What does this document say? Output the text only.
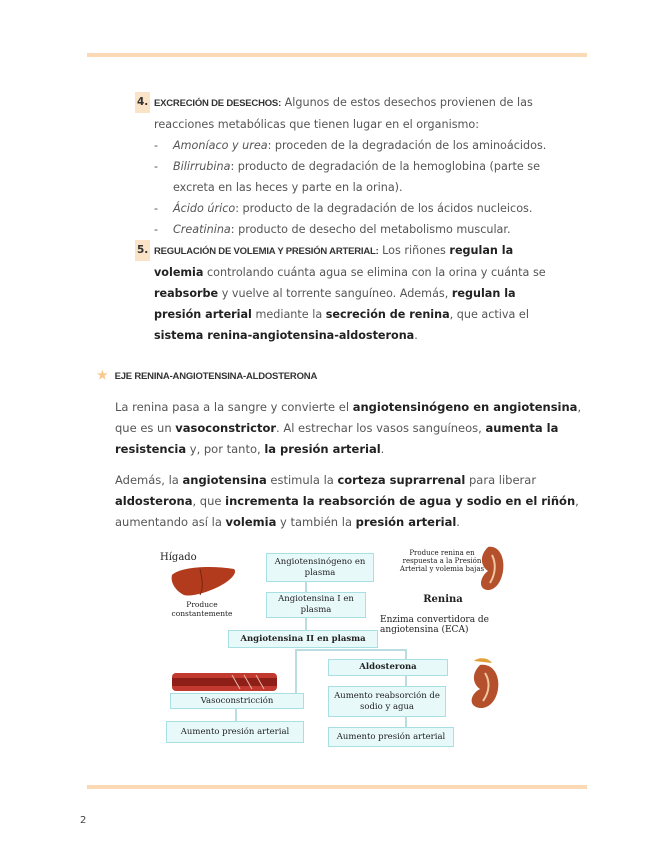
4. EXCRECIÓN DE DESECHOS: Algunos de estos desechos provienen de las reacciones metabólicas que tienen lugar en el organismo:
- Amoníaco y urea: proceden de la degradación de los aminoácidos.
- Bilirrubina: producto de degradación de la hemoglobina (parte se excreta en las heces y parte en la orina).
- Ácido úrico: producto de la degradación de los ácidos nucleicos.
- Creatinina: producto de desecho del metabolismo muscular.
5. REGULACIÓN DE VOLEMIA Y PRESIÓN ARTERIAL: Los riñones regulan la volemia controlando cuánta agua se elimina con la orina y cuánta se reabsorbe y vuelve al torrente sanguíneo. Además, regulan la presión arterial mediante la secreción de renina, que activa el sistema renina-angiotensina-aldosterona.
★ EJE RENINA-ANGIOTENSINA-ALDOSTERONA
La renina pasa a la sangre y convierte el angiotensinógeno en angiotensina, que es un vasoconstrictor. Al estrechar los vasos sanguíneos, aumenta la resistencia y, por tanto, la presión arterial.
Además, la angiotensina estimula la corteza suprarrenal para liberar aldosterona, que incrementa la reabsorción de agua y sodio en el riñón, aumentando así la volemia y también la presión arterial.
Hígado
Produce constantemente
Angiotensinógeno en plasma
Angiotensina I en plasma
Angiotensina II en plasma
Aldosterona
Aumento reabsorción de sodio y agua
Aumento presión arterial
Vasoconstricción
Aumento presión arterial
Produce renina en respuesta a la Presión Arterial y volemia bajas
Renina
Enzima convertidora de angiotensina (ECA)
2
